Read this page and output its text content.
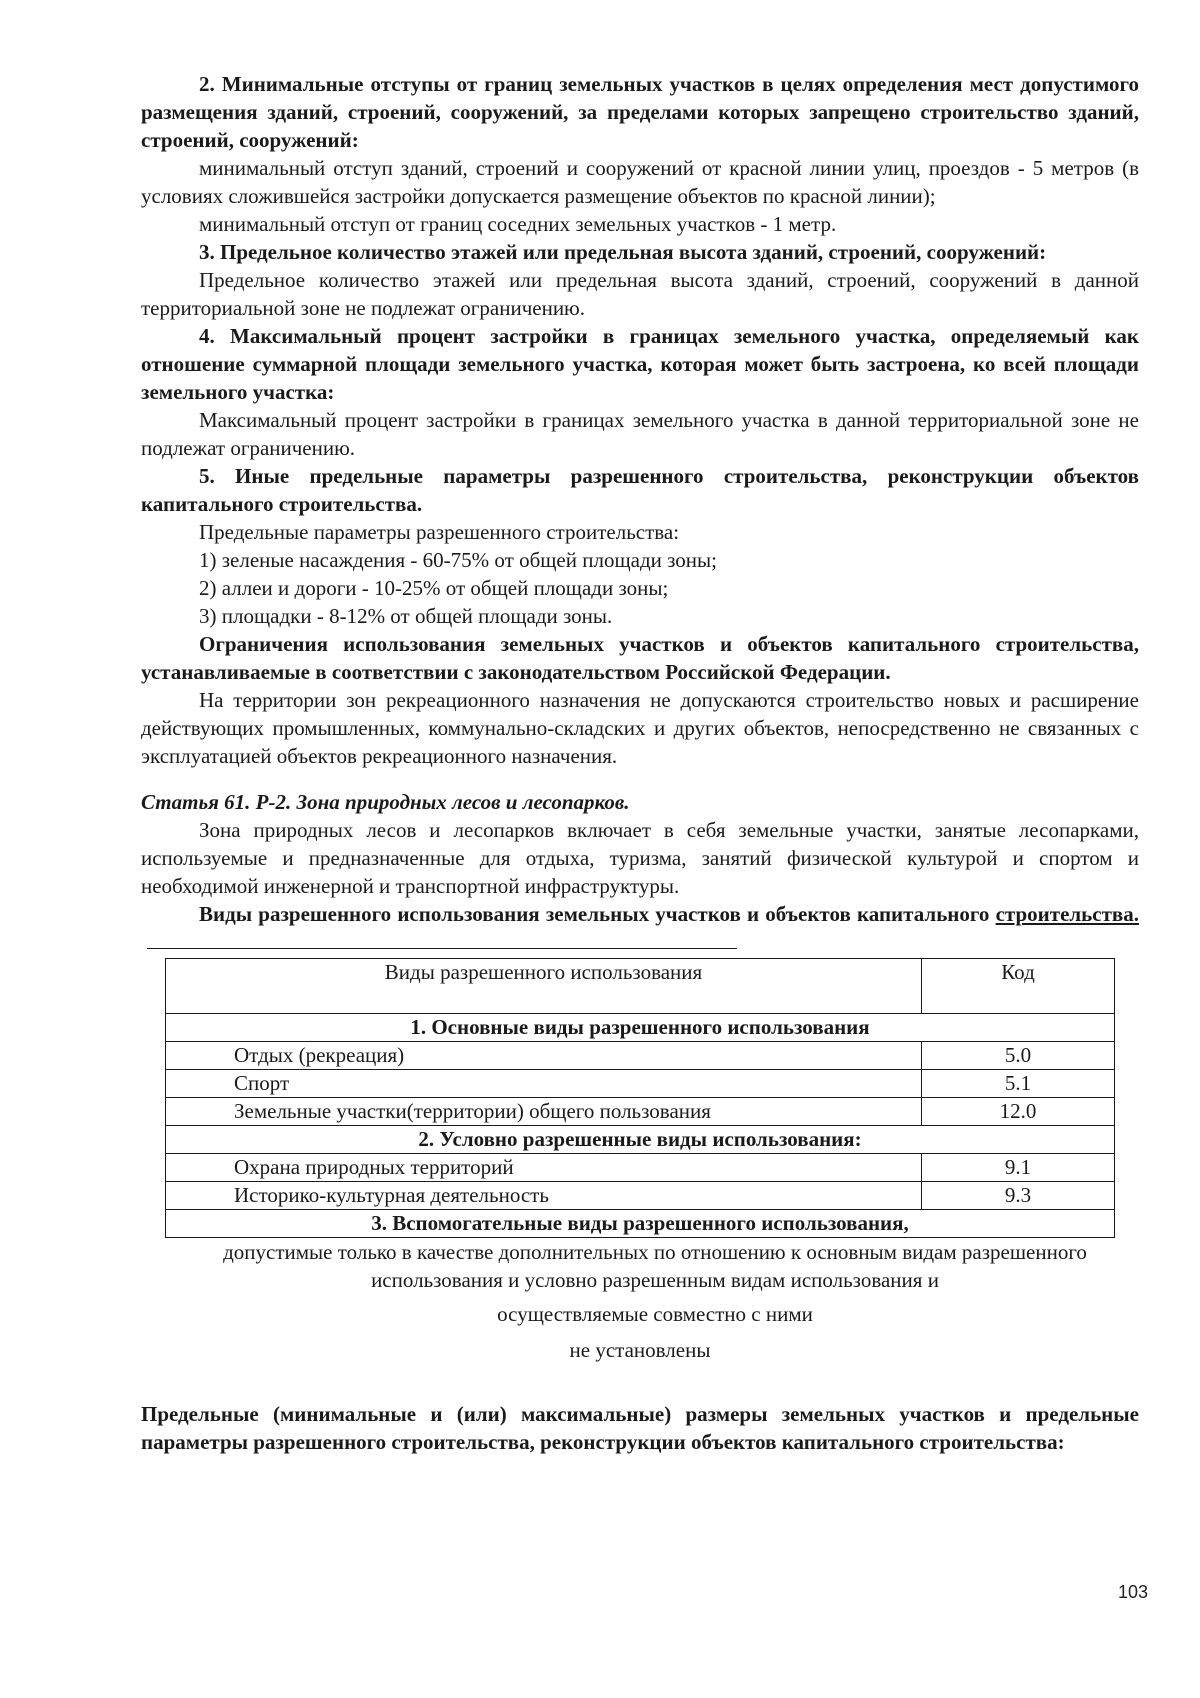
2. Минимальные отступы от границ земельных участков в целях определения мест допустимого размещения зданий, строений, сооружений, за пределами которых запрещено строительство зданий, строений, сооружений:

минимальный отступ зданий, строений и сооружений от красной линии улиц, проездов - 5 метров (в условиях сложившейся застройки допускается размещение объектов по красной линии);

минимальный отступ от границ соседних земельных участков - 1 метр.

3. Предельное количество этажей или предельная высота зданий, строений, сооружений:

Предельное количество этажей или предельная высота зданий, строений, сооружений в данной территориальной зоне не подлежат ограничению.

4. Максимальный процент застройки в границах земельного участка, определяемый как отношение суммарной площади земельного участка, которая может быть застроена, ко всей площади земельного участка:

Максимальный процент застройки в границах земельного участка в данной территориальной зоне не подлежат ограничению.

5. Иные предельные параметры разрешенного строительства, реконструкции объектов капитального строительства.

Предельные параметры разрешенного строительства:

1) зеленые насаждения - 60-75% от общей площади зоны;

2) аллеи и дороги - 10-25% от общей площади зоны;

3) площадки - 8-12% от общей площади зоны.

Ограничения использования земельных участков и объектов капитального строительства, устанавливаемые в соответствии с законодательством Российской Федерации.

На территории зон рекреационного назначения не допускаются строительство новых и расширение действующих промышленных, коммунально-складских и других объектов, непосредственно не связанных с эксплуатацией объектов рекреационного назначения.

Статья 61. Р-2. Зона природных лесов и лесопарков.

Зона природных лесов и лесопарков включает в себя земельные участки, занятые лесопарками, используемые и предназначенные для отдыха, туризма, занятий физической культурой и спортом и необходимой инженерной и транспортной инфраструктуры.

Виды разрешенного использования земельных участков и объектов капитального строительства.

Виды разрешенного использования	Код
1. Основные виды разрешенного использования	
Отдых (рекреация)	5.0
Спорт	5.1
Земельные участки(территории) общего пользования	12.0
2. Условно разрешенные виды использования:	
Охрана природных территорий	9.1
Историко-культурная деятельность	9.3
3. Вспомогательные виды разрешенного использования,	

допустимые только в качестве дополнительных по отношению к основным видам разрешенного использования и условно разрешенным видам использования и

осуществляемые совместно с ними

не установлены

Предельные (минимальные и (или) максимальные) размеры земельных участков и предельные параметры разрешенного строительства, реконструкции объектов капитального строительства:

103
